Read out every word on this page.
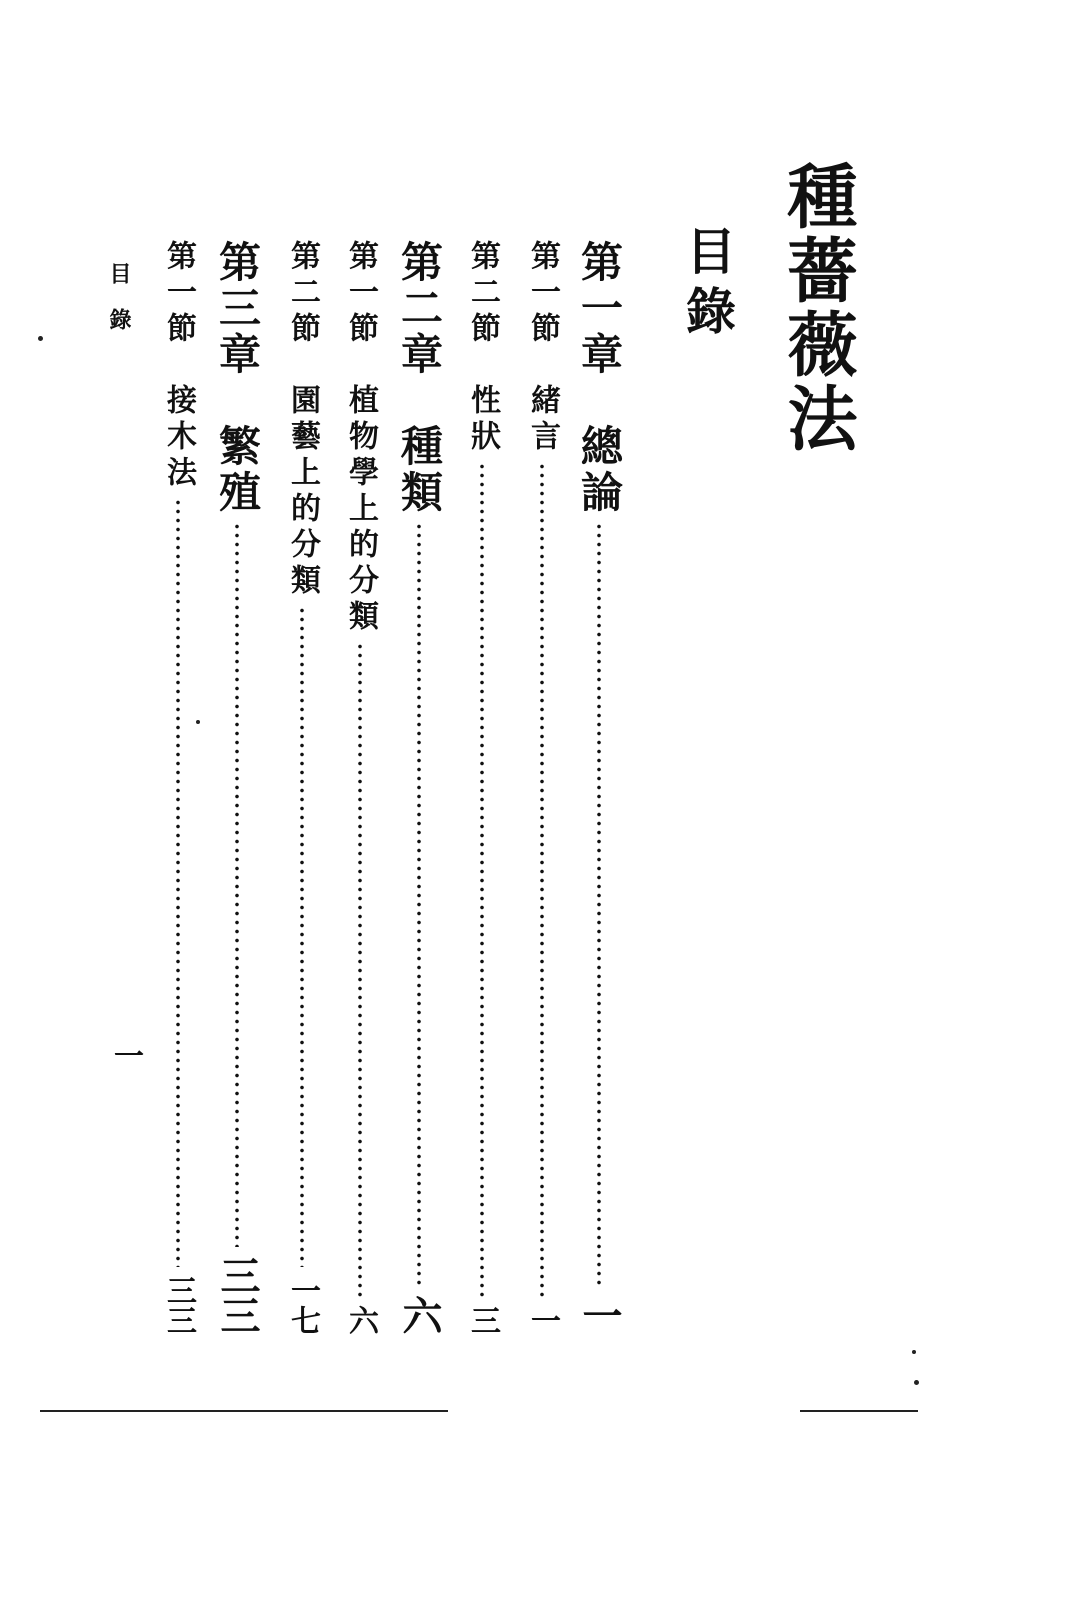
種薔薇法
目錄
第一章　總論
一
第一節　緒言
一
第二節　性狀
三
第二章　種類
六
第一節　植物學上的分類
六
第二節　園藝上的分類
一七
第三章　繁殖
三三
第一節　接木法
三三
目錄
一
